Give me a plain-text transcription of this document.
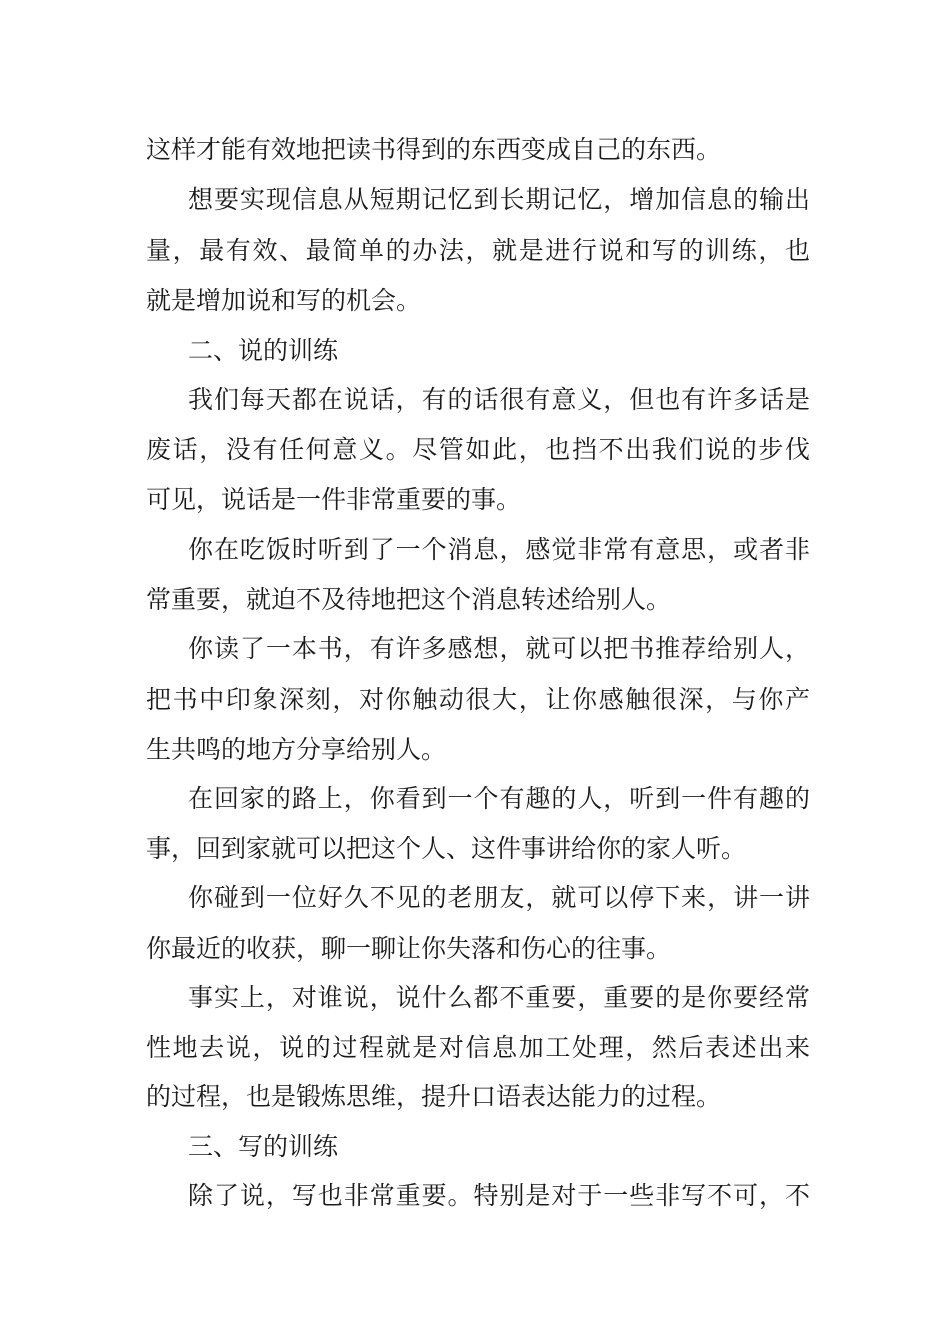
这样才能有效地把读书得到的东西变成自己的东西。
想要实现信息从短期记忆到长期记忆，增加信息的输出
量，最有效、最简单的办法，就是进行说和写的训练，也
就是增加说和写的机会。
二、说的训练
我们每天都在说话，有的话很有意义，但也有许多话是
废话，没有任何意义。尽管如此，也挡不出我们说的步伐
可见，说话是一件非常重要的事。
你在吃饭时听到了一个消息，感觉非常有意思，或者非
常重要，就迫不及待地把这个消息转述给别人。
你读了一本书，有许多感想，就可以把书推荐给别人，
把书中印象深刻，对你触动很大，让你感触很深，与你产
生共鸣的地方分享给别人。
在回家的路上，你看到一个有趣的人，听到一件有趣的
事，回到家就可以把这个人、这件事讲给你的家人听。
你碰到一位好久不见的老朋友，就可以停下来，讲一讲
你最近的收获，聊一聊让你失落和伤心的往事。
事实上，对谁说，说什么都不重要，重要的是你要经常
性地去说，说的过程就是对信息加工处理，然后表述出来
的过程，也是锻炼思维，提升口语表达能力的过程。
三、写的训练
除了说，写也非常重要。特别是对于一些非写不可，不
